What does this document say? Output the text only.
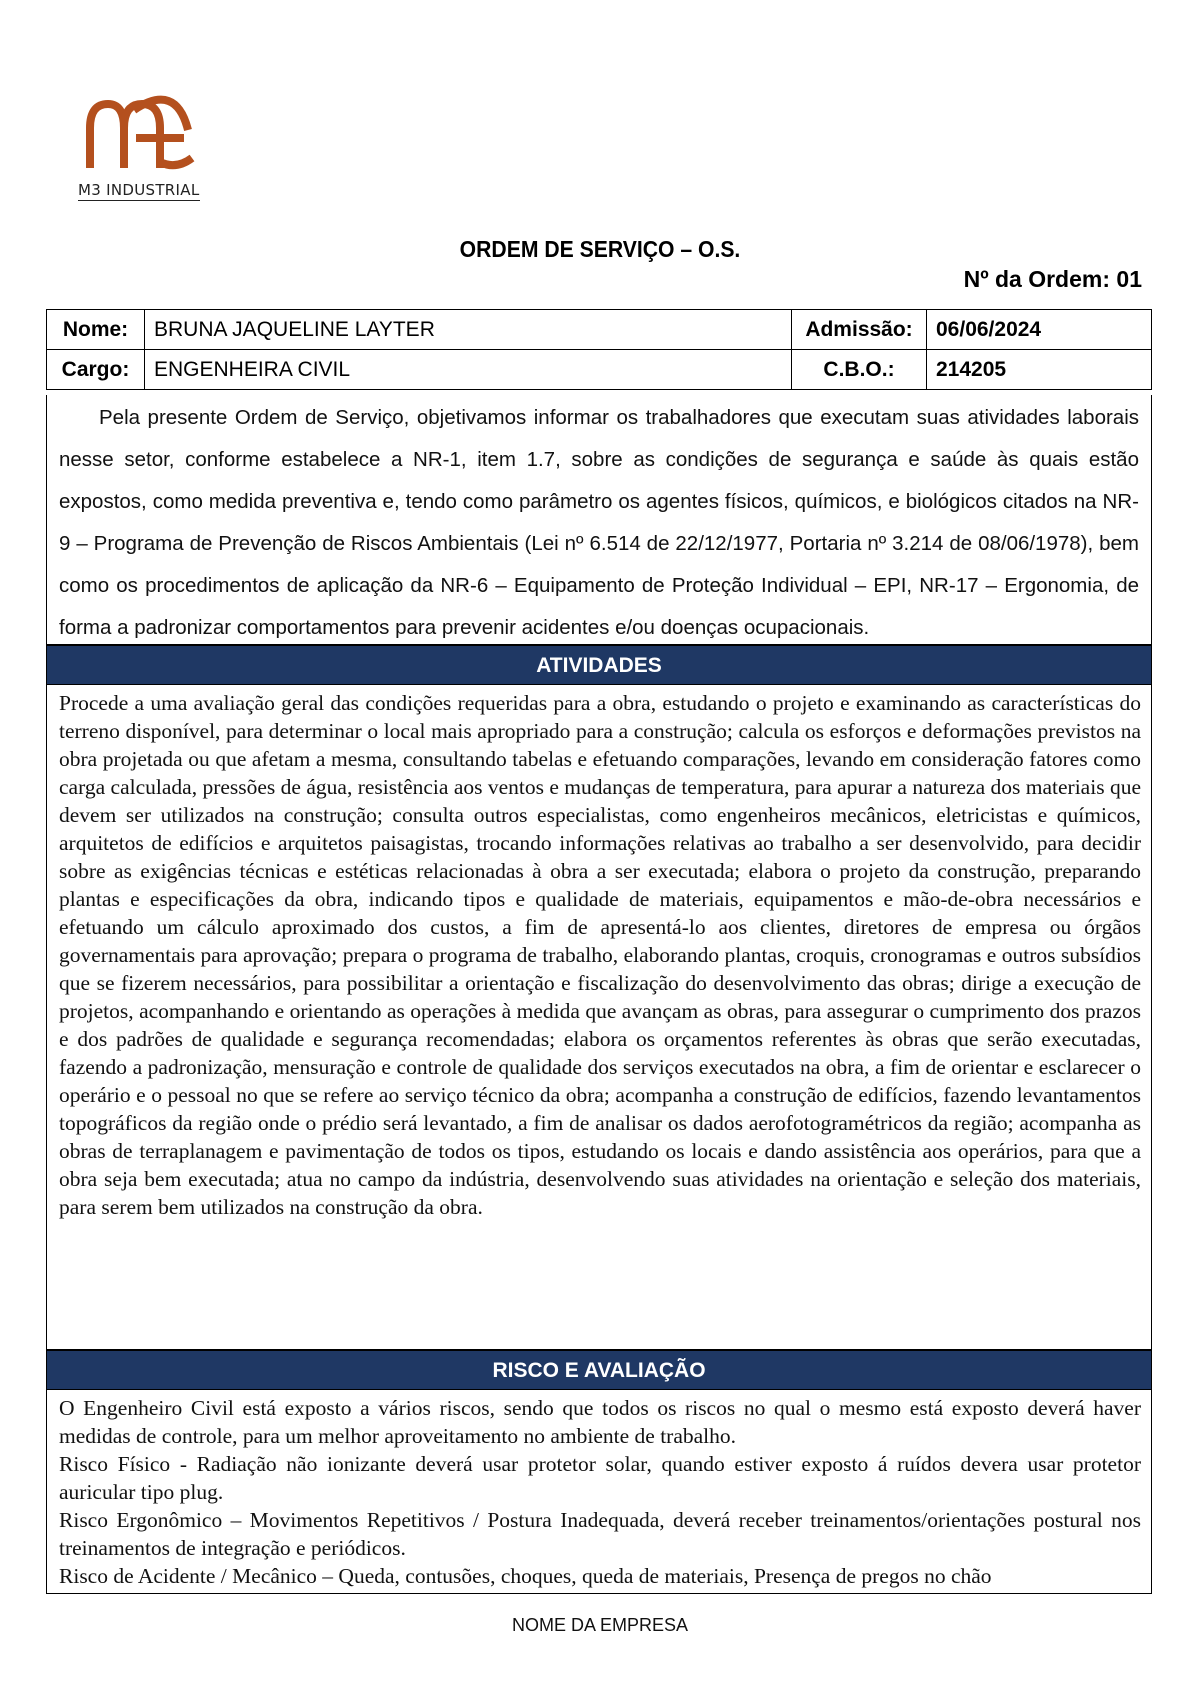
M3 INDUSTRIAL
ORDEM DE SERVIÇO – O.S.
Nº da Ordem: 01
Nome:	BRUNA JAQUELINE LAYTER	Admissão:	06/06/2024
Cargo:	ENGENHEIRA CIVIL	C.B.O.:	214205

Pela presente Ordem de Serviço, objetivamos informar os trabalhadores que executam suas atividades laborais nesse setor, conforme estabelece a NR-1, item 1.7, sobre as condições de segurança e saúde às quais estão expostos, como medida preventiva e, tendo como parâmetro os agentes físicos, químicos, e biológicos citados na NR-9 – Programa de Prevenção de Riscos Ambientais (Lei nº 6.514 de 22/12/1977, Portaria nº 3.214 de 08/06/1978), bem como os procedimentos de aplicação da NR-6 – Equipamento de Proteção Individual – EPI, NR-17 – Ergonomia, de forma a padronizar comportamentos para prevenir acidentes e/ou doenças ocupacionais.

ATIVIDADES

Procede a uma avaliação geral das condições requeridas para a obra, estudando o projeto e examinando as características do terreno disponível, para determinar o local mais apropriado para a construção; calcula os esforços e deformações previstos na obra projetada ou que afetam a mesma, consultando tabelas e efetuando comparações, levando em consideração fatores como carga calculada, pressões de água, resistência aos ventos e mudanças de temperatura, para apurar a natureza dos materiais que devem ser utilizados na construção; consulta outros especialistas, como engenheiros mecânicos, eletricistas e químicos, arquitetos de edifícios e arquitetos paisagistas, trocando informações relativas ao trabalho a ser desenvolvido, para decidir sobre as exigências técnicas e estéticas relacionadas à obra a ser executada; elabora o projeto da construção, preparando plantas e especificações da obra, indicando tipos e qualidade de materiais, equipamentos e mão-de-obra necessários e efetuando um cálculo aproximado dos custos, a fim de apresentá-lo aos clientes, diretores de empresa ou órgãos governamentais para aprovação; prepara o programa de trabalho, elaborando plantas, croquis, cronogramas e outros subsídios que se fizerem necessários, para possibilitar a orientação e fiscalização do desenvolvimento das obras; dirige a execução de projetos, acompanhando e orientando as operações à medida que avançam as obras, para assegurar o cumprimento dos prazos e dos padrões de qualidade e segurança recomendadas; elabora os orçamentos referentes às obras que serão executadas, fazendo a padronização, mensuração e controle de qualidade dos serviços executados na obra, a fim de orientar e esclarecer o operário e o pessoal no que se refere ao serviço técnico da obra; acompanha a construção de edifícios, fazendo levantamentos topográficos da região onde o prédio será levantado, a fim de analisar os dados aerofotogramétricos da região; acompanha as obras de terraplanagem e pavimentação de todos os tipos, estudando os locais e dando assistência aos operários, para que a obra seja bem executada; atua no campo da indústria, desenvolvendo suas atividades na orientação e seleção dos materiais, para serem bem utilizados na construção da obra.

RISCO E AVALIAÇÃO

O Engenheiro Civil está exposto a vários riscos, sendo que todos os riscos no qual o mesmo está exposto deverá haver medidas de controle, para um melhor aproveitamento no ambiente de trabalho.

Risco Físico - Radiação não ionizante deverá usar protetor solar, quando estiver exposto á ruídos devera usar protetor auricular tipo plug.

Risco Ergonômico – Movimentos Repetitivos / Postura Inadequada, deverá receber treinamentos/orientações postural nos treinamentos de integração e periódicos.

Risco de Acidente / Mecânico – Queda, contusões, choques, queda de materiais, Presença de pregos no chão

NOME DA EMPRESA
